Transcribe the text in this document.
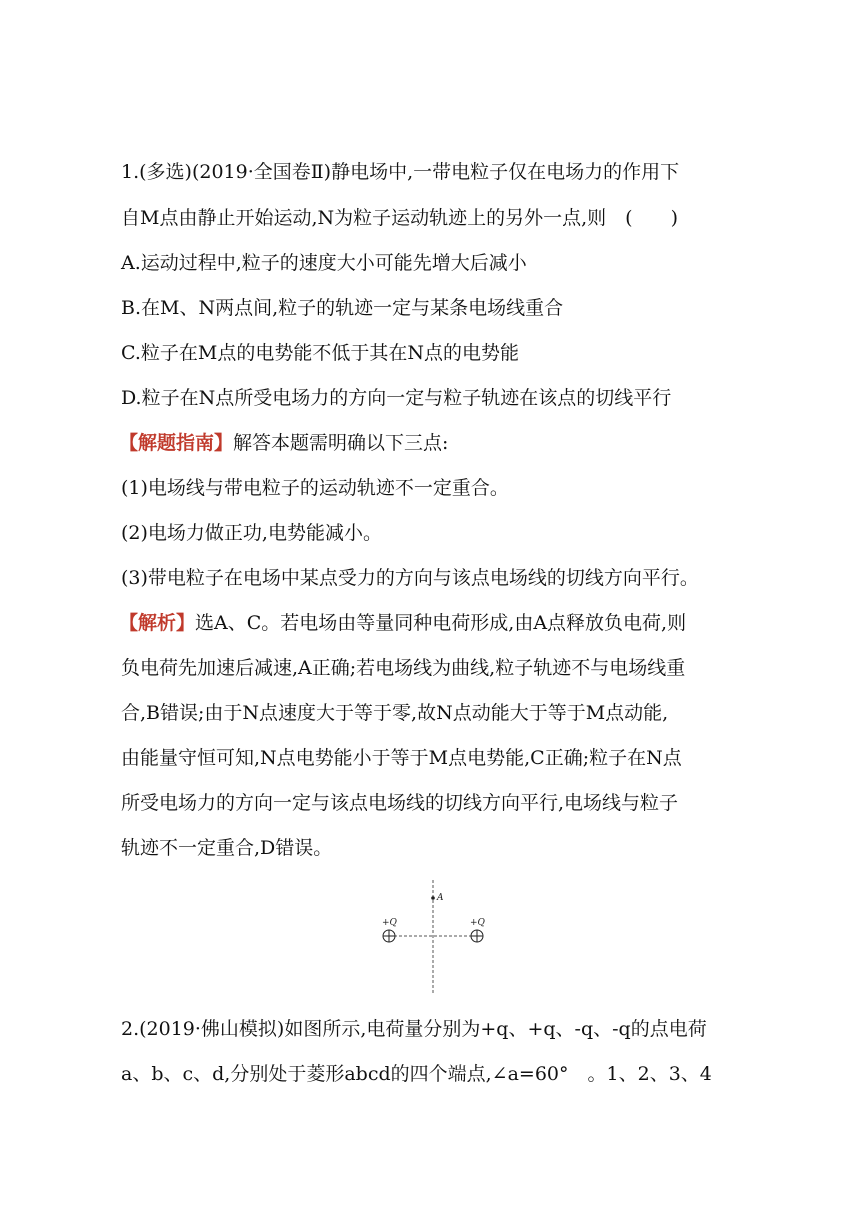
1.(多选)(2019·全国卷Ⅱ)静电场中,一带电粒子仅在电场力的作用下
自M点由静止开始运动,N为粒子运动轨迹上的另外一点,则　(　　)
A.运动过程中,粒子的速度大小可能先增大后减小
B.在M、N两点间,粒子的轨迹一定与某条电场线重合
C.粒子在M点的电势能不低于其在N点的电势能
D.粒子在N点所受电场力的方向一定与粒子轨迹在该点的切线平行
【解题指南】解答本题需明确以下三点:
(1)电场线与带电粒子的运动轨迹不一定重合。
(2)电场力做正功,电势能减小。
(3)带电粒子在电场中某点受力的方向与该点电场线的切线方向平行。
【解析】选A、C。若电场由等量同种电荷形成,由A点释放负电荷,则
负电荷先加速后减速,A正确;若电场线为曲线,粒子轨迹不与电场线重
合,B错误;由于N点速度大于等于零,故N点动能大于等于M点动能,
由能量守恒可知,N点电势能小于等于M点电势能,C正确;粒子在N点
所受电场力的方向一定与该点电场线的切线方向平行,电场线与粒子
轨迹不一定重合,D错误。
A
+Q	+Q
2.(2019·佛山模拟)如图所示,电荷量分别为+q、+q、-q、-q的点电荷
a、b、c、d,分别处于菱形abcd的四个端点,∠a=60°　。1、2、3、4
